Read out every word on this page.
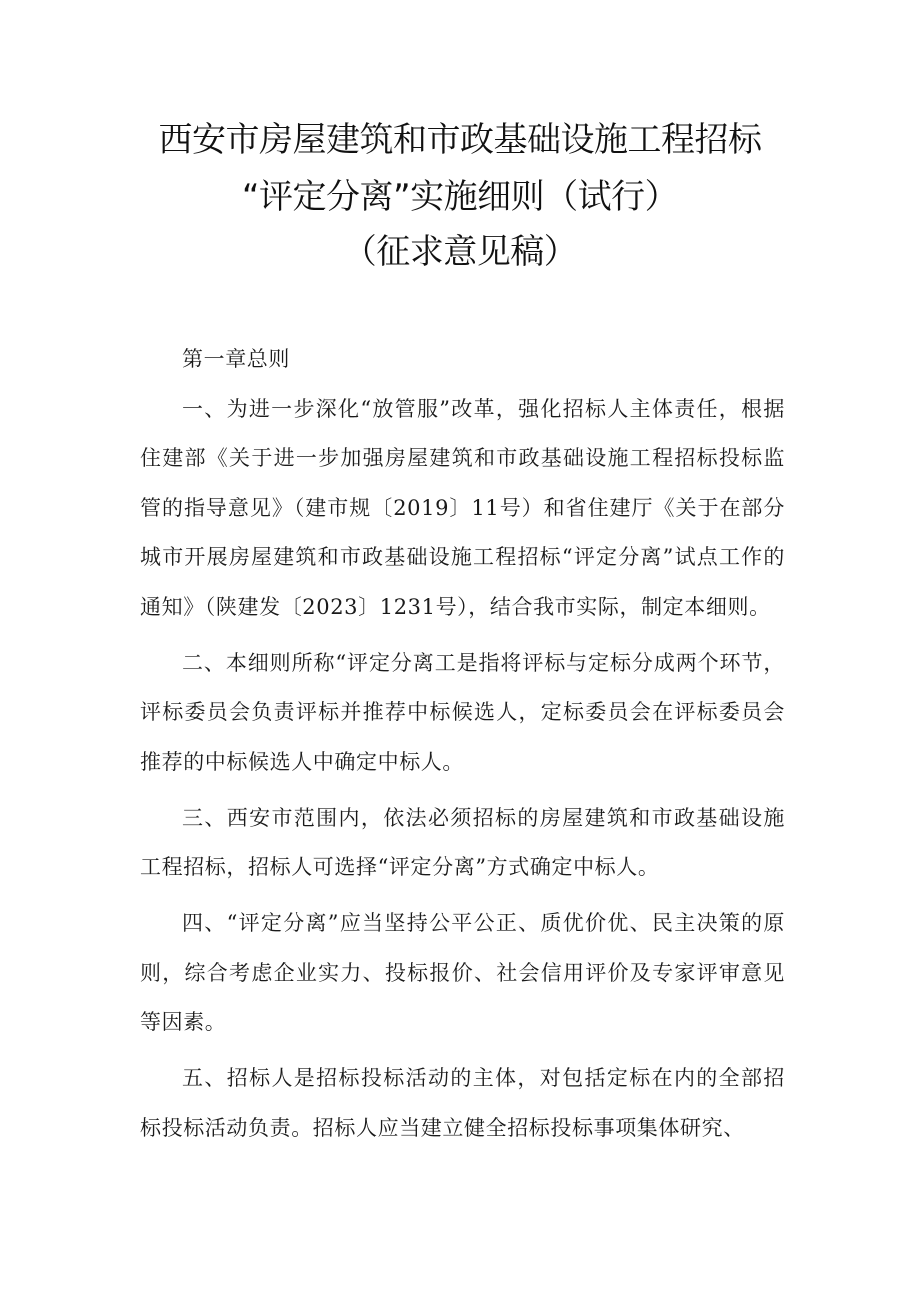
西安市房屋建筑和市政基础设施工程招标
“评定分离”实施细则（试行）
（征求意见稿）

第一章总则

一、为进一步深化“放管服”改革，强化招标人主体责任，根据住建部《关于进一步加强房屋建筑和市政基础设施工程招标投标监管的指导意见》（建市规〔2019〕11号）和省住建厅《关于在部分城市开展房屋建筑和市政基础设施工程招标“评定分离”试点工作的通知》（陕建发〔2023〕1231号），结合我市实际，制定本细则。

二、本细则所称“评定分离工是指将评标与定标分成两个环节，评标委员会负责评标并推荐中标候选人，定标委员会在评标委员会推荐的中标候选人中确定中标人。

三、西安市范围内，依法必须招标的房屋建筑和市政基础设施工程招标，招标人可选择“评定分离”方式确定中标人。

四、“评定分离”应当坚持公平公正、质优价优、民主决策的原则，综合考虑企业实力、投标报价、社会信用评价及专家评审意见等因素。

五、招标人是招标投标活动的主体，对包括定标在内的全部招标投标活动负责。招标人应当建立健全招标投标事项集体研究、
